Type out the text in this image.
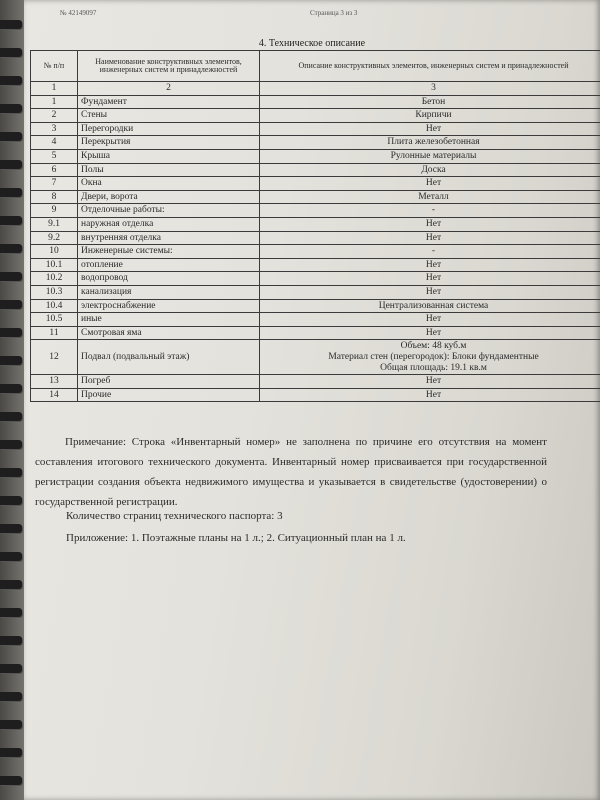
№ 42149097	Страница 3 из 3
4. Техническое описание
№ п/п	Наименование конструктивных элементов, инженерных систем и принадлежностей	Описание конструктивных элементов, инженерных систем и принадлежностей
1	2	3
1	Фундамент	Бетон
2	Стены	Кирпичи
3	Перегородки	Нет
4	Перекрытия	Плита железобетонная
5	Крыша	Рулонные материалы
6	Полы	Доска
7	Окна	Нет
8	Двери, ворота	Металл
9	Отделочные работы:	-
9.1	наружная отделка	Нет
9.2	внутренняя отделка	Нет
10	Инженерные системы:	-
10.1	отопление	Нет
10.2	водопровод	Нет
10.3	канализация	Нет
10.4	электроснабжение	Централизованная система
10.5	иные	Нет
11	Смотровая яма	Нет
12	Подвал (подвальный этаж)	Объем: 48 куб.м
Материал стен (перегородок): Блоки фундаментные
Общая площадь: 19.1 кв.м

13	Погреб	Нет
14	Прочие	Нет
Примечание: Строка «Инвентарный номер» не заполнена по причине его отсутствия на момент составления итогового технического документа. Инвентарный номер присваивается при государственной регистрации создания объекта недвижимого имущества и указывается в свидетельстве (удостоверении) о государственной регистрации.
Количество страниц технического паспорта: 3
Приложение: 1. Поэтажные планы на 1 л.; 2. Ситуационный план на 1 л.
